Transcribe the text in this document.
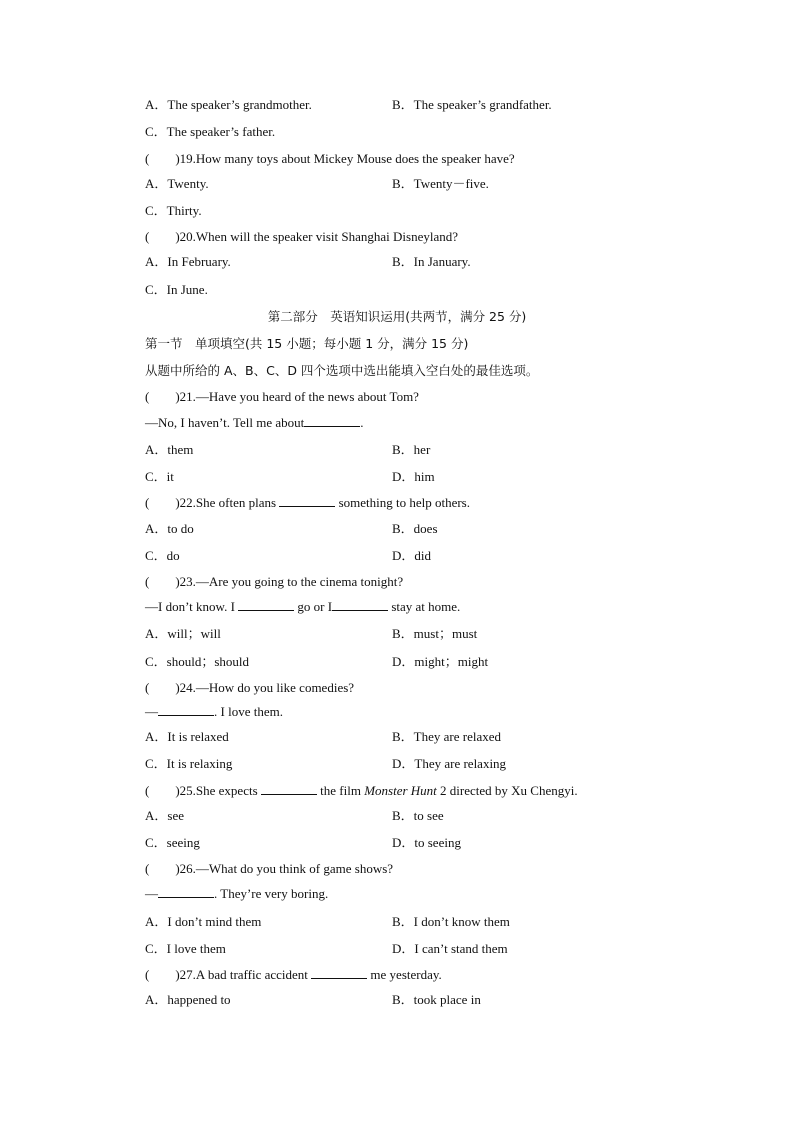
A．The speaker’s grandmother.	B．The speaker’s grandfather.
C．The speaker’s father.
(　　)19.How many toys about Mickey Mouse does the speaker have?
A．Twenty.	B．Twenty－five.
C．Thirty.
(　　)20.When will the speaker visit Shanghai Disneyland?
A．In February.	B．In January.
C．In June.
第二部分　英语知识运用(共两节，满分 25 分)
第一节　单项填空(共 15 小题；每小题 1 分，满分 15 分)
从题中所给的 A、B、C、D 四个选项中选出能填入空白处的最佳选项。
(　　)21.—Have you heard of the news about Tom?
—No, I haven’t. Tell me about	.
A．them	B．her
C．it	D．him
(　　)22.She often plans	something to help others.
A．to do	B．does
C．do	D．did
(　　)23.—Are you going to the cinema tonight?
—I don’t know. I	go or I	stay at home.
A．will；will	B．must；must
C．should；should	D．might；might
(　　)24.—How do you like comedies?
—	. I love them.
A．It is relaxed	B．They are relaxed
C．It is relaxing	D．They are relaxing
(　　)25.She expects	the film Monster Hunt 2 directed by Xu Chengyi.
A．see	B．to see
C．seeing	D．to seeing
(　　)26.—What do you think of game shows?
—	. They’re very boring.
A．I don’t mind them	B．I don’t know them
C．I love them	D．I can’t stand them
(　　)27.A bad traffic accident	me yesterday.
A．happened to	B．took place in
